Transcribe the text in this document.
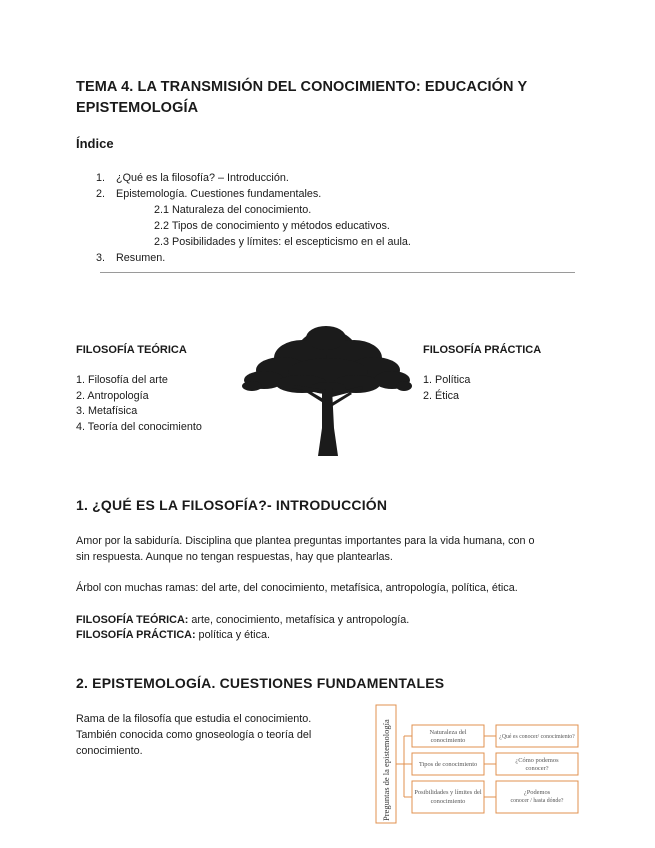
TEMA 4. LA TRANSMISIÓN DEL CONOCIMIENTO: EDUCACIÓN Y
EPISTEMOLOGÍA
Índice
1.	¿Qué es la filosofía? – Introducción.
2.	Epistemología. Cuestiones fundamentales.
2.1 Naturaleza del conocimiento.
2.2 Tipos de conocimiento y métodos educativos.
2.3 Posibilidades y límites: el escepticismo en el aula.
3.	Resumen.
FILOSOFÍA TEÓRICA
1. Filosofía del arte
2. Antropología
3. Metafísica
4. Teoría del conocimiento
FILOSOFÍA PRÁCTICA
1. Política
2. Ética
1. ¿QUÉ ES LA FILOSOFÍA?- INTRODUCCIÓN
Amor por la sabiduría. Disciplina que plantea preguntas importantes para la vida humana, con o
sin respuesta. Aunque no tengan respuestas, hay que plantearlas.
Árbol con muchas ramas: del arte, del conocimiento, metafísica, antropología, política, ética.
FILOSOFÍA TEÓRICA: arte, conocimiento, metafísica y antropología.
FILOSOFÍA PRÁCTICA: política y ética.
2. EPISTEMOLOGÍA. CUESTIONES FUNDAMENTALES
Rama de la filosofía que estudia el conocimiento.
También conocida como gnoseología o teoría del
conocimiento.	Preguntas de la epistemología	Naturaleza del
conocimiento
Tipos de conocimiento
Posibilidades y límites del
conocimiento
¿Qué es conocer/ conocimiento?
¿Cómo podemos
conocer?
¿Podemos
conocer / hasta dónde?
